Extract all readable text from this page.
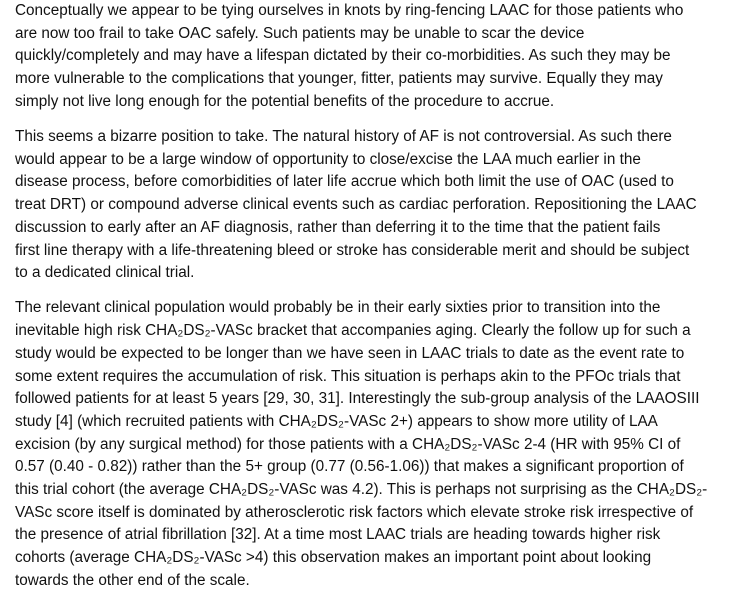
Conceptually we appear to be tying ourselves in knots by ring-fencing LAAC for those patients who
are now too frail to take OAC safely. Such patients may be unable to scar the device
quickly/completely and may have a lifespan dictated by their co-morbidities. As such they may be
more vulnerable to the complications that younger, fitter, patients may survive. Equally they may
simply not live long enough for the potential benefits of the procedure to accrue.

This seems a bizarre position to take. The natural history of AF is not controversial. As such there
would appear to be a large window of opportunity to close/excise the LAA much earlier in the
disease process, before comorbidities of later life accrue which both limit the use of OAC (used to
treat DRT) or compound adverse clinical events such as cardiac perforation. Repositioning the LAAC
discussion to early after an AF diagnosis, rather than deferring it to the time that the patient fails
first line therapy with a life-threatening bleed or stroke has considerable merit and should be subject
to a dedicated clinical trial.

The relevant clinical population would probably be in their early sixties prior to transition into the
inevitable high risk CHA₂DS₂-VASc bracket that accompanies aging. Clearly the follow up for such a
study would be expected to be longer than we have seen in LAAC trials to date as the event rate to
some extent requires the accumulation of risk. This situation is perhaps akin to the PFOc trials that
followed patients for at least 5 years [29, 30, 31]. Interestingly the sub-group analysis of the LAAOSIII
study [4] (which recruited patients with CHA₂DS₂-VASc 2+) appears to show more utility of LAA
excision (by any surgical method) for those patients with a CHA₂DS₂-VASc 2-4 (HR with 95% CI of
0.57 (0.40 - 0.82)) rather than the 5+ group (0.77 (0.56-1.06)) that makes a significant proportion of
this trial cohort (the average CHA₂DS₂-VASc was 4.2). This is perhaps not surprising as the CHA₂DS₂-
VASc score itself is dominated by atherosclerotic risk factors which elevate stroke risk irrespective of
the presence of atrial fibrillation [32]. At a time most LAAC trials are heading towards higher risk
cohorts (average CHA₂DS₂-VASc >4) this observation makes an important point about looking
towards the other end of the scale.
